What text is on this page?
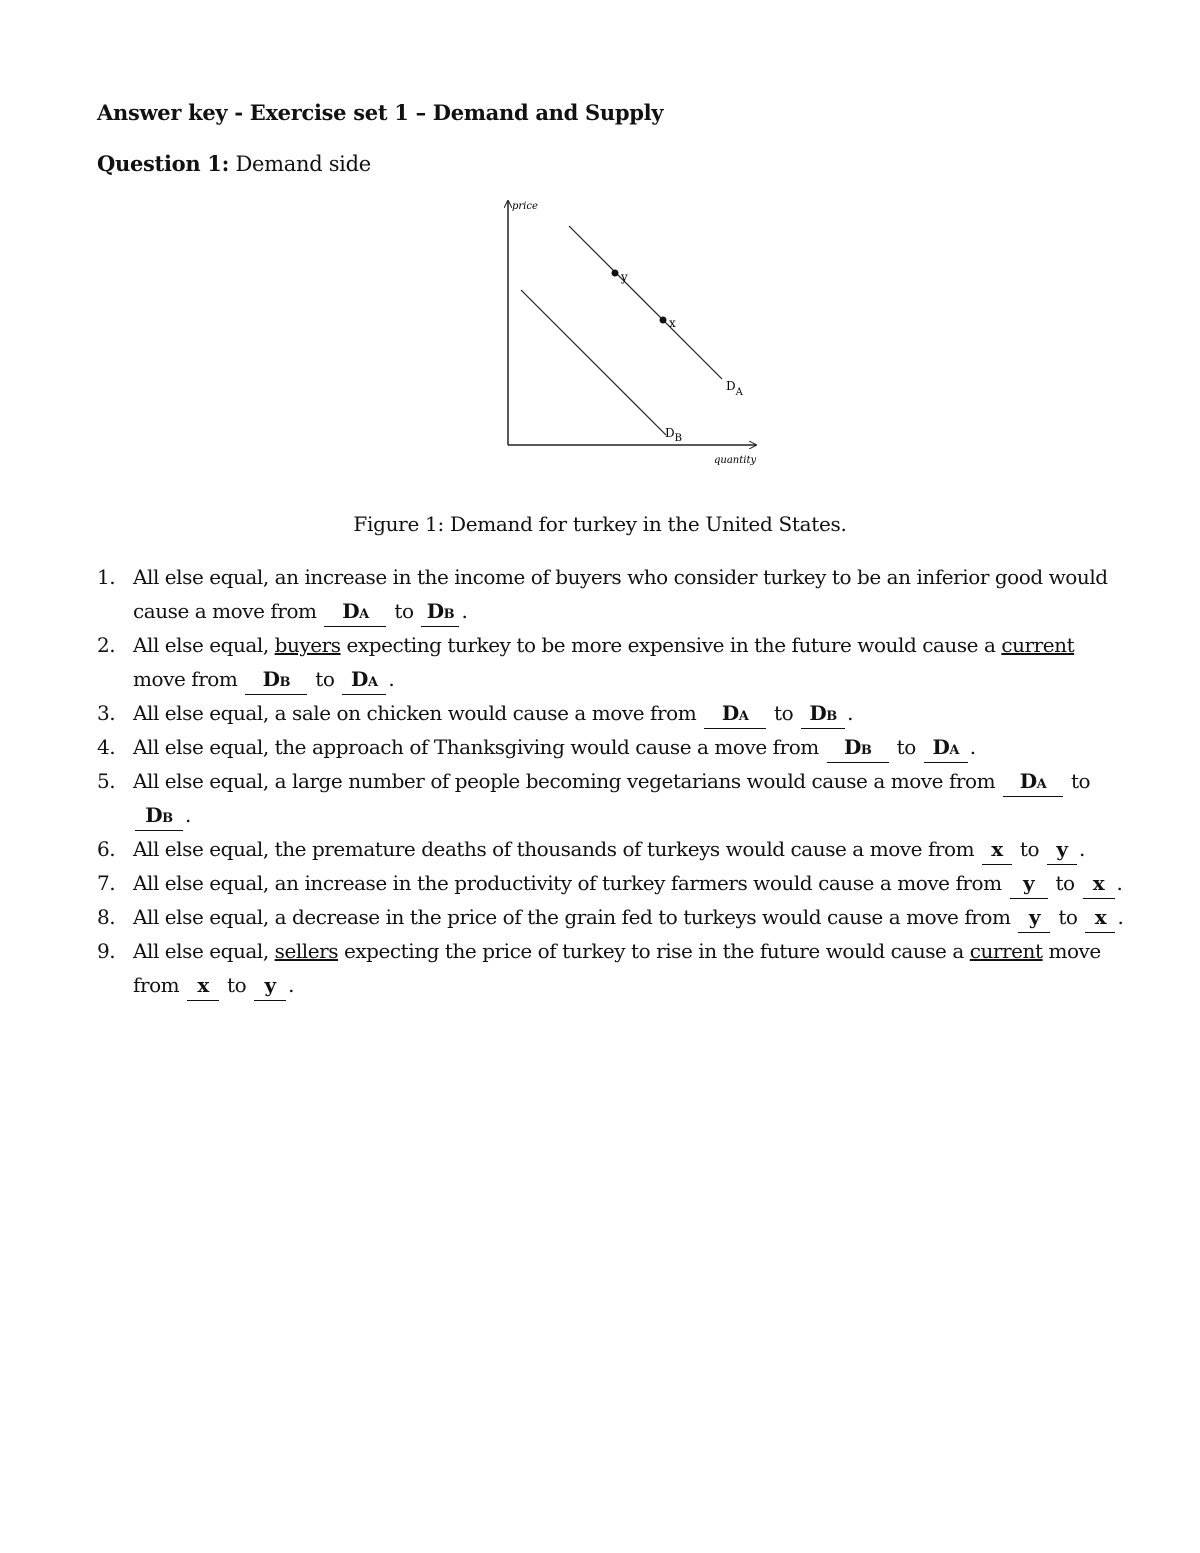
Answer key - Exercise set 1 – Demand and Supply

Question 1: Demand side

price
quantity
$D_A$
$D_B$
y
x
Figure 1: Demand for turkey in the United States.
1. All else equal, an increase in the income of buyers who consider turkey to be an inferior good would cause a move from DA to DB .
2. All else equal, buyers expecting turkey to be more expensive in the future would cause a current move from DB to DA .
3. All else equal, a sale on chicken would cause a move from DA to DB .
4. All else equal, the approach of Thanksgiving would cause a move from DB to DA .
5. All else equal, a large number of people becoming vegetarians would cause a move from DA to DB .
6. All else equal, the premature deaths of thousands of turkeys would cause a move from x to y .
7. All else equal, an increase in the productivity of turkey farmers would cause a move from y to x .
8. All else equal, a decrease in the price of the grain fed to turkeys would cause a move from y to x .
9. All else equal, sellers expecting the price of turkey to rise in the future would cause a current move from x to y .
